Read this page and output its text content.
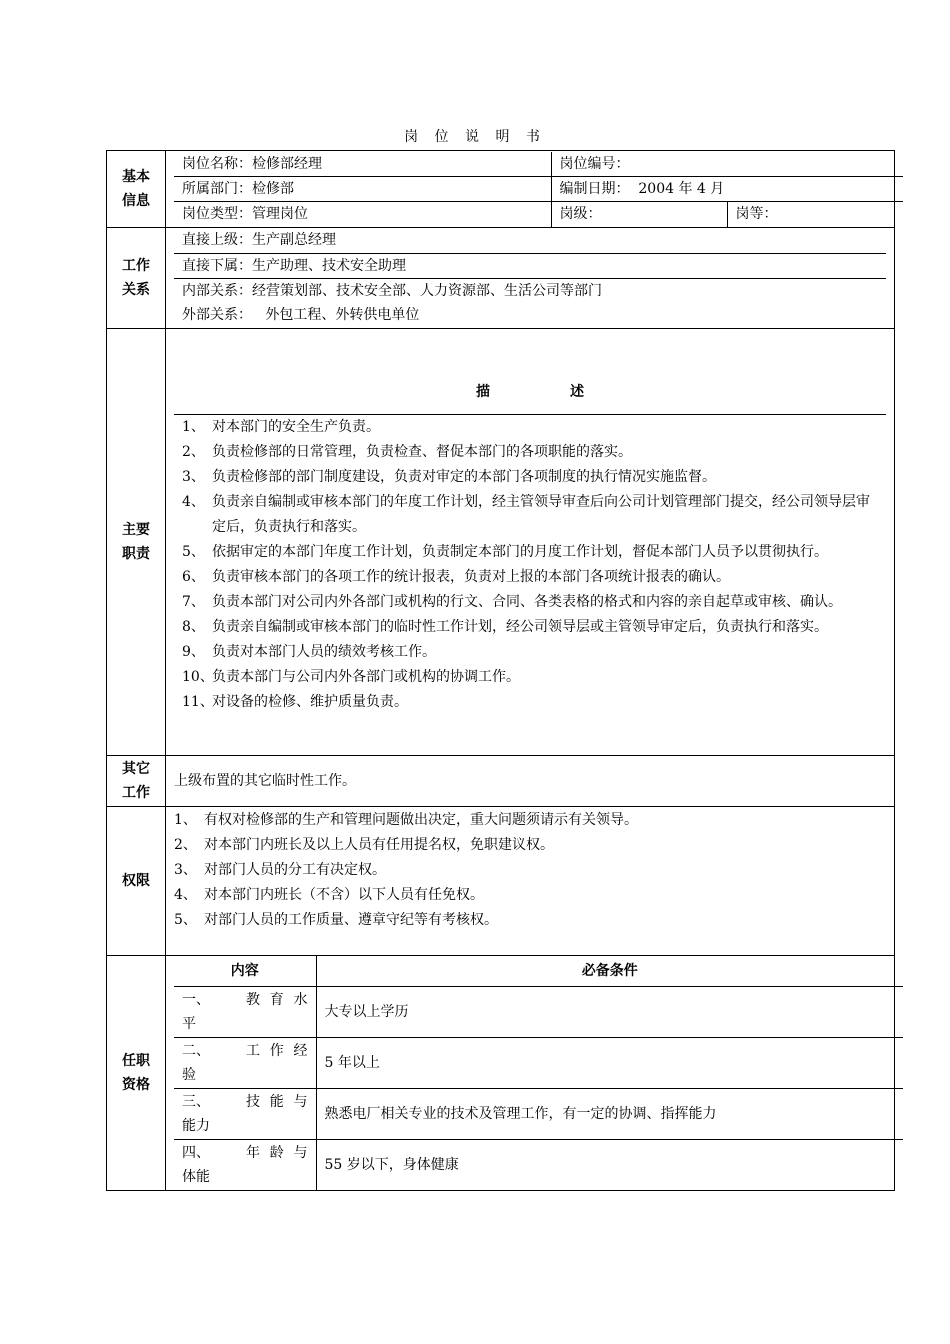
岗 位 说 明 书
基本信息	
岗位名称：检修部经理	岗位编号：
所属部门：检修部	编制日期：  2004 年 4 月
岗位类型：管理岗位	岗级：	岗等：

工作关系	
直接上级：生产副总经理
直接下属：生产助理、技术安全助理

内部关系：经营策划部、技术安全部、人力资源部、生活公司等部门
外部关系：   外包工程、外转供电单位

主要职责	
描	述

1、 对本部门的安全生产负责。
2、 负责检修部的日常管理，负责检查、督促本部门的各项职能的落实。
3、 负责检修部的部门制度建设，负责对审定的本部门各项制度的执行情况实施监督。
4、 负责亲自编制或审核本部门的年度工作计划，经主管领导审查后向公司计划管理部门提交，经公司领导层审定后，负责执行和落实。
5、 依据审定的本部门年度工作计划，负责制定本部门的月度工作计划，督促本部门人员予以贯彻执行。
6、 负责审核本部门的各项工作的统计报表，负责对上报的本部门各项统计报表的确认。
7、 负责本部门对公司内外各部门或机构的行文、合同、各类表格的格式和内容的亲自起草或审核、确认。
8、 负责亲自编制或审核本部门的临时性工作计划，经公司领导层或主管领导审定后，负责执行和落实。
9、 负责对本部门人员的绩效考核工作。
10、
负责本部门与公司内外各部门或机构的协调工作。
11、
对设备的检修、维护质量负责。

其它工作	上级布置的其它临时性工作。
权限	
1、 有权对检修部的生产和管理问题做出决定，重大问题须请示有关领导。
2、 对本部门内班长及以上人员有任用提名权，免职建议权。
3、 对部门人员的分工有决定权。
4、 对本部门内班长（不含）以下人员有任免权。
5、 对部门人员的工作质量、遵章守纪等有考核权。

任职资格	
内容	必备条件

一、	教育水
平
	大专以上学历

二、	工作经
验
	5 年以上

三、	技能与
能力
	熟悉电厂相关专业的技术及管理工作，有一定的协调、指挥能力

四、	年龄与
体能
	55 岁以下，身体健康
